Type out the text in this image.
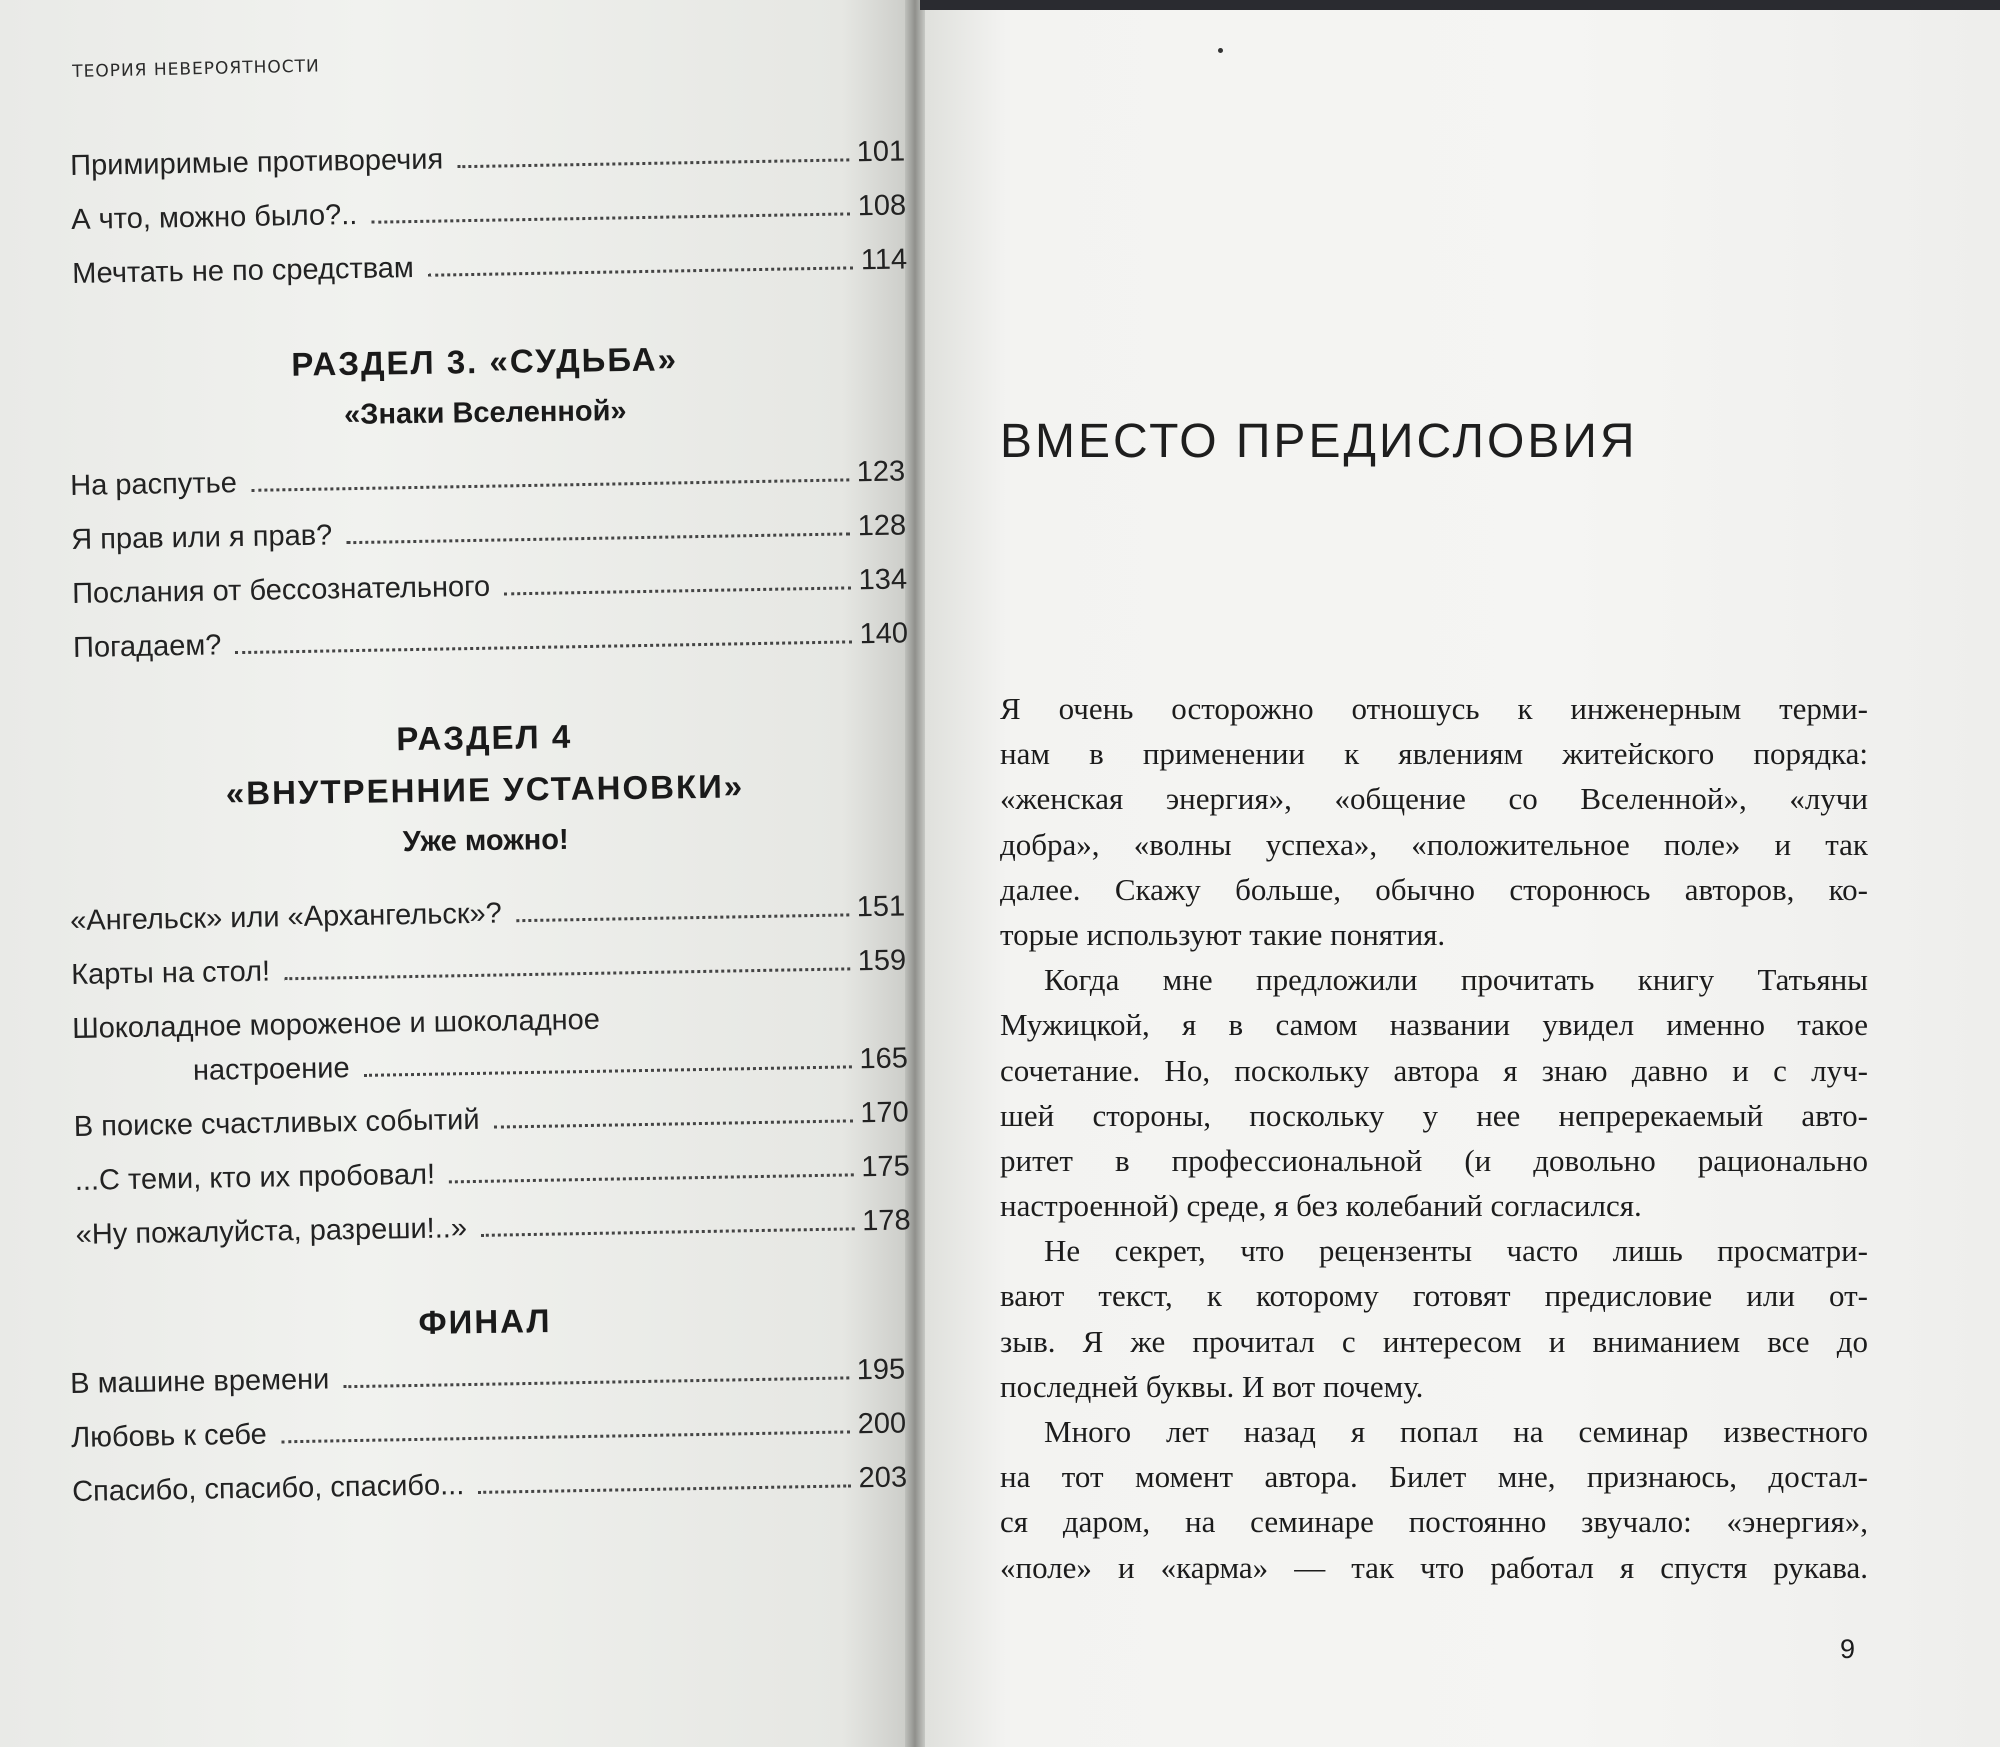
ТЕОРИЯ НЕВЕРОЯТНОСТИ
Примиримые противоречия	101
А что, можно было?..	108
Мечтать не по средствам	114
РАЗДЕЛ 3. «СУДЬБА»
«Знаки Вселенной»
На распутье	123
Я прав или я прав?	128
Послания от бессознательного	134
Погадаем?	140
РАЗДЕЛ 4
«ВНУТРЕННИЕ УСТАНОВКИ»
Уже можно!
«Ангельск» или «Архангельск»?	151
Карты на стол!	159
Шоколадное мороженое и шоколадное
настроение	165
В поиске счастливых событий	170
...С теми, кто их пробовал!	175
«Ну пожалуйста, разреши!..»	178
ФИНАЛ
В машине времени	195
Любовь к себе	200
Спасибо, спасибо, спасибо...	203
ВМЕСТО ПРЕДИСЛОВИЯ
Я очень осторожно отношусь к инженерным терми-
нам в применении к явлениям житейского порядка:
«женская энергия», «общение со Вселенной», «лучи
добра», «волны успеха», «положительное поле» и так
далее. Скажу больше, обычно сторонюсь авторов, ко-
торые используют такие понятия.
Когда мне предложили прочитать книгу Татьяны
Мужицкой, я в самом названии увидел именно такое
сочетание. Но, поскольку автора я знаю давно и с луч-
шей стороны, поскольку у нее непререкаемый авто-
ритет в профессиональной (и довольно рационально
настроенной) среде, я без колебаний согласился.
Не секрет, что рецензенты часто лишь просматри-
вают текст, к которому готовят предисловие или от-
зыв. Я же прочитал с интересом и вниманием все до
последней буквы. И вот почему.
Много лет назад я попал на семинар известного
на тот момент автора. Билет мне, признаюсь, достал-
ся даром, на семинаре постоянно звучало: «энергия»,
«поле» и «карма» — так что работал я спустя рукава.
9
